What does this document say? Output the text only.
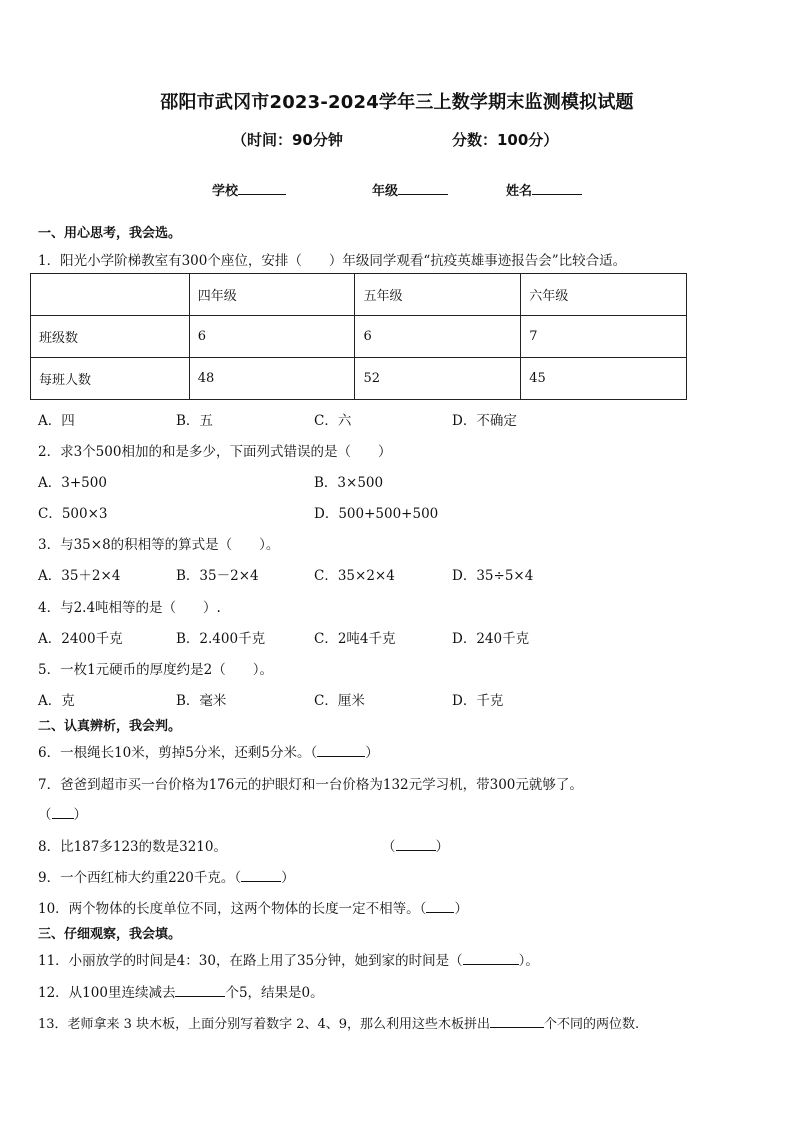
邵阳市武冈市2023-2024学年三上数学期末监测模拟试题
（时间：90分钟	分数：100分）
学校	年级	姓名
一、用心思考，我会选。
1．阳光小学阶梯教室有300个座位，安排（　　）年级同学观看“抗疫英雄事迹报告会”比较合适。
	四年级	五年级	六年级
班级数	6	6	7
每班人数	48	52	45
A．四	B．五	C．六	D．不确定
2．求3个500相加的和是多少，下面列式错误的是（　　）
A．3+500	B．3×500
C．500×3	D．500+500+500
3．与35×8的积相等的算式是（　　）。
A．35＋2×4	B．35－2×4	C．35×2×4	D．35÷5×4
4．与2.4吨相等的是（　　）.
A．2400千克	B．2.400千克	C．2吨4千克	D．240千克
5．一枚1元硬币的厚度约是2（　　）。
A．克	B．毫米	C．厘米	D．千克
二、认真辨析，我会判。
6．一根绳长10米，剪掉5分米，还剩5分米。（	）
7．爸爸到超市买一台价格为176元的护眼灯和一台价格为132元学习机，带300元就够了。
（ ）
8．比187多123的数是3210。	（	）
9．一个西红柿大约重220千克。（	）
10．两个物体的长度单位不同，这两个物体的长度一定不相等。（ ）
三、仔细观察，我会填。
11．小丽放学的时间是4：30，在路上用了35分钟，她到家的时间是（	）。
12．从100里连续减去	个5，结果是0。
13．老师拿来 3 块木板，上面分别写着数字 2、4、9，那么利用这些木板拼出	个不同的两位数.
